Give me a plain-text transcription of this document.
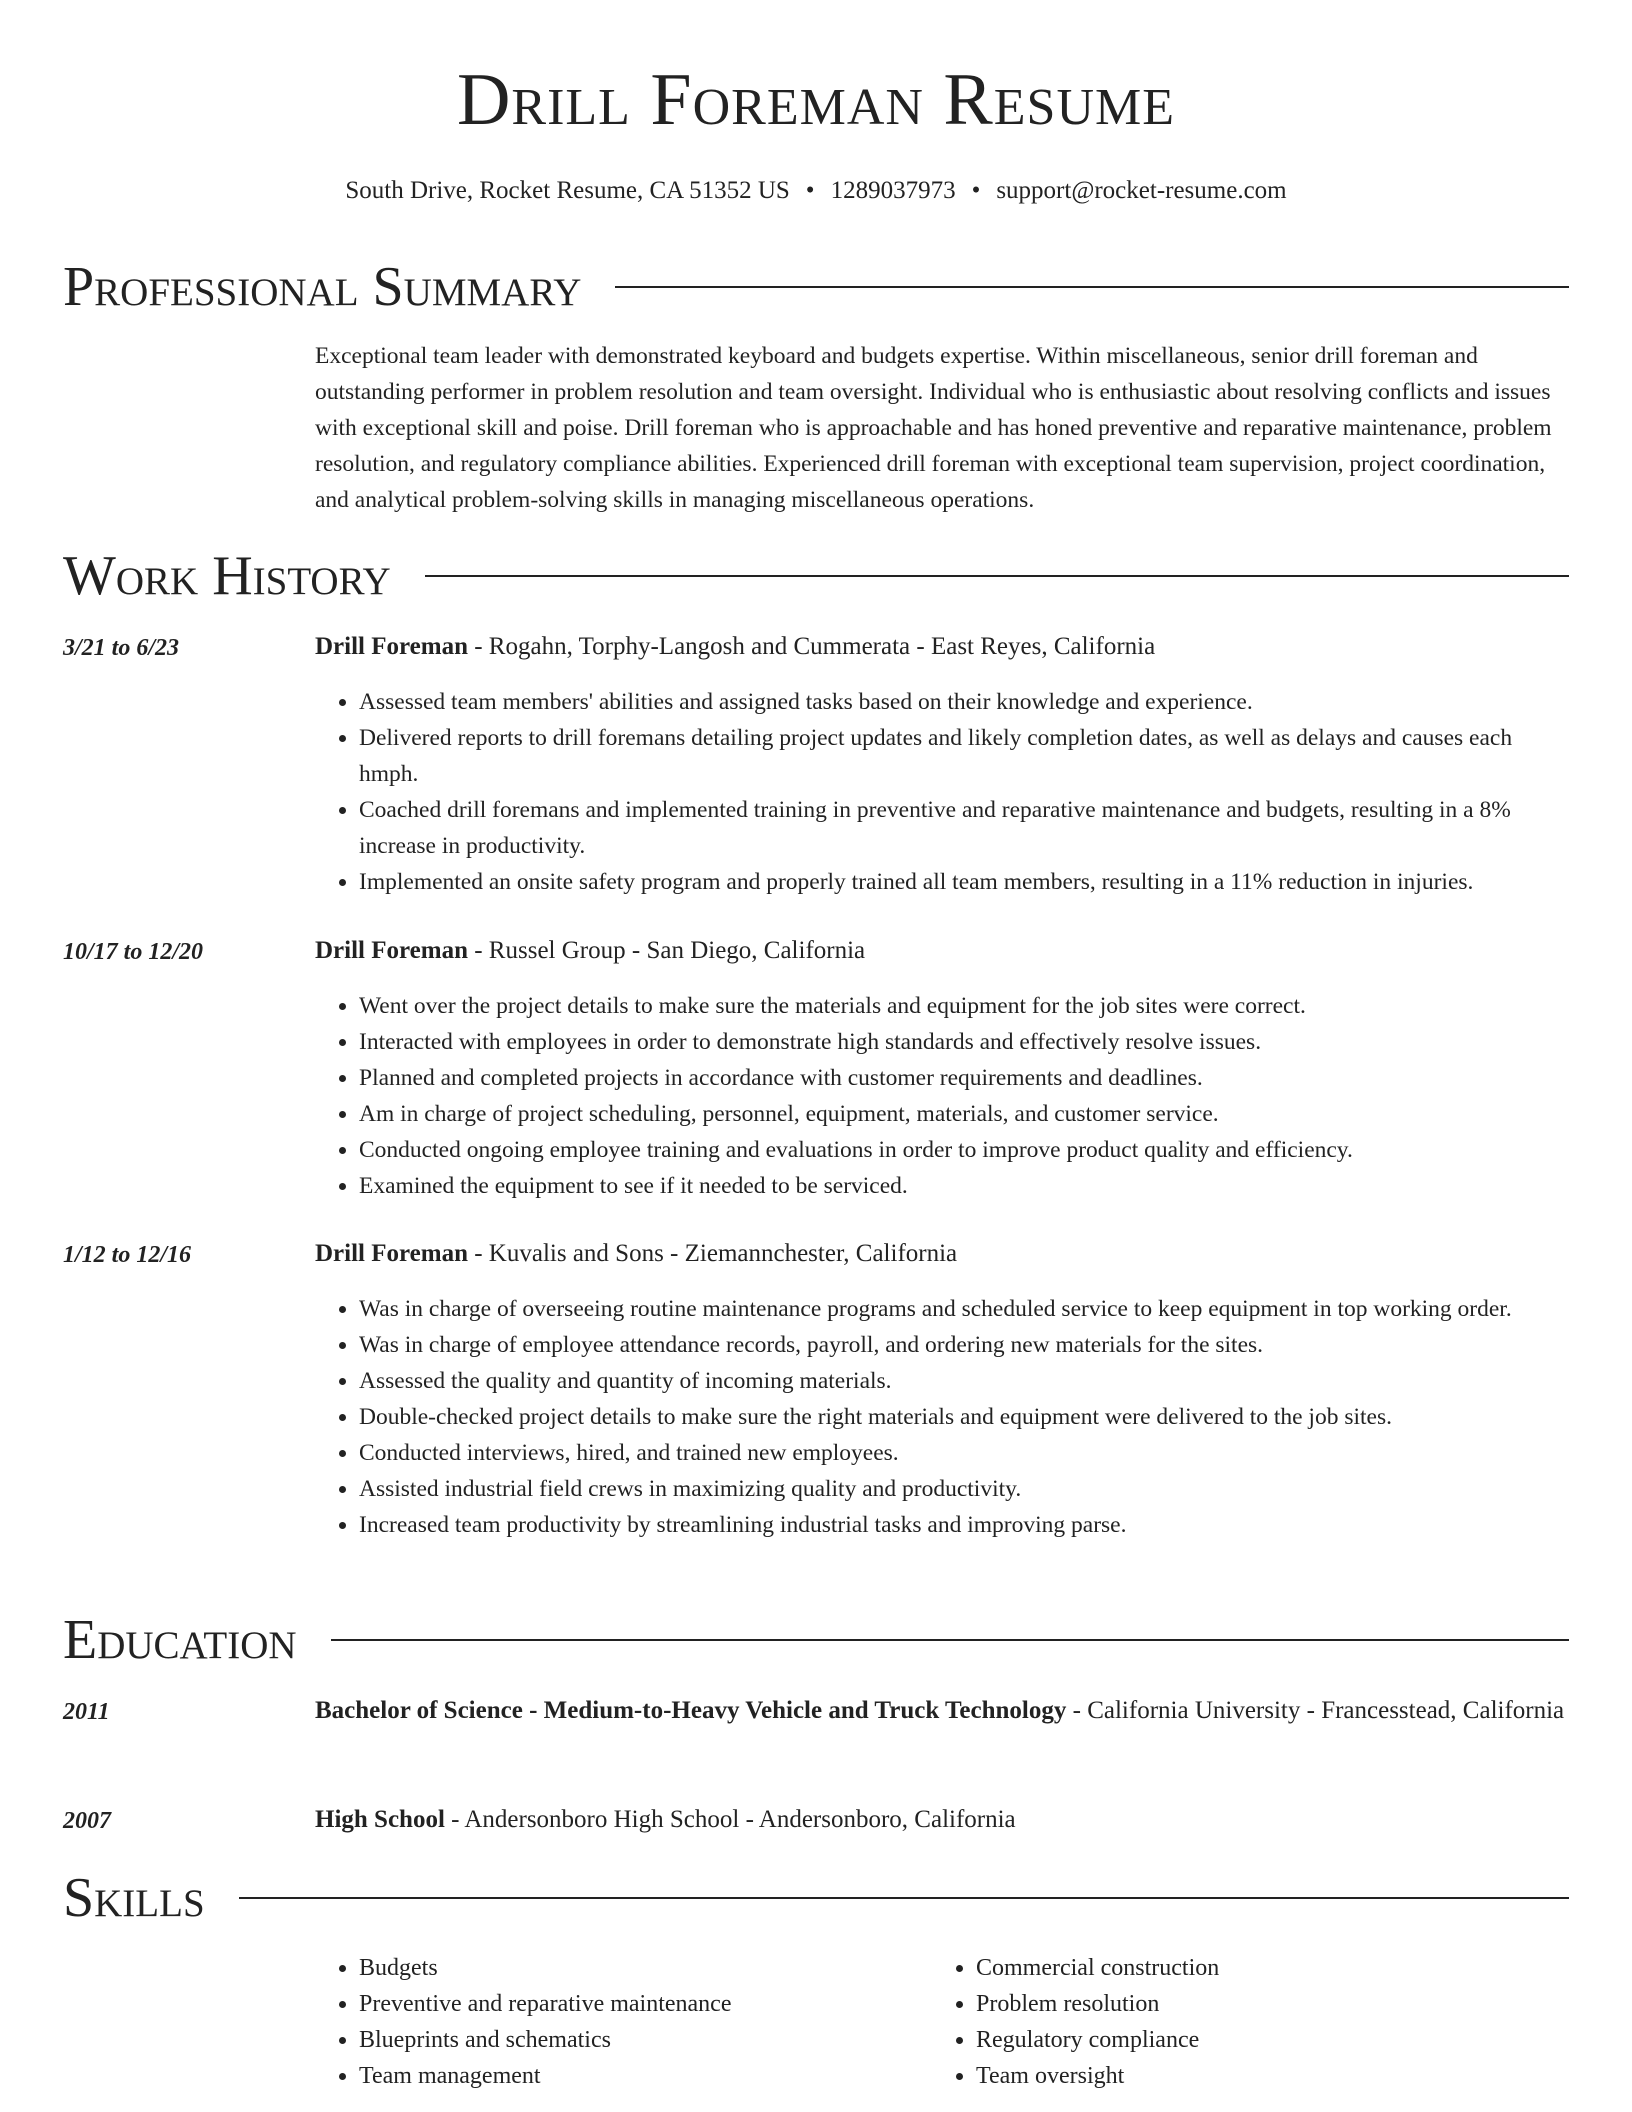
Drill Foreman Resume
South Drive, Rocket Resume, CA 51352 US • 1289037973 • support@rocket-resume.com
Professional Summary
Exceptional team leader with demonstrated keyboard and budgets expertise. Within miscellaneous, senior drill foreman and outstanding performer in problem resolution and team oversight. Individual who is enthusiastic about resolving conflicts and issues with exceptional skill and poise. Drill foreman who is approachable and has honed preventive and reparative maintenance, problem resolution, and regulatory compliance abilities. Experienced drill foreman with exceptional team supervision, project coordination, and analytical problem-solving skills in managing miscellaneous operations.
Work History
3/21 to 6/23	Drill Foreman - Rogahn, Torphy-Langosh and Cummerata - East Reyes, California
• Assessed team members' abilities and assigned tasks based on their knowledge and experience.
• Delivered reports to drill foremans detailing project updates and likely completion dates, as well as delays and causes each hmph.
• Coached drill foremans and implemented training in preventive and reparative maintenance and budgets, resulting in a 8% increase in productivity.
• Implemented an onsite safety program and properly trained all team members, resulting in a 11% reduction in injuries.
10/17 to 12/20	Drill Foreman - Russel Group - San Diego, California
• Went over the project details to make sure the materials and equipment for the job sites were correct.
• Interacted with employees in order to demonstrate high standards and effectively resolve issues.
• Planned and completed projects in accordance with customer requirements and deadlines.
• Am in charge of project scheduling, personnel, equipment, materials, and customer service.
• Conducted ongoing employee training and evaluations in order to improve product quality and efficiency.
• Examined the equipment to see if it needed to be serviced.
1/12 to 12/16	Drill Foreman - Kuvalis and Sons - Ziemannchester, California
• Was in charge of overseeing routine maintenance programs and scheduled service to keep equipment in top working order.
• Was in charge of employee attendance records, payroll, and ordering new materials for the sites.
• Assessed the quality and quantity of incoming materials.
• Double-checked project details to make sure the right materials and equipment were delivered to the job sites.
• Conducted interviews, hired, and trained new employees.
• Assisted industrial field crews in maximizing quality and productivity.
• Increased team productivity by streamlining industrial tasks and improving parse.
Education
2011	Bachelor of Science - Medium-to-Heavy Vehicle and Truck Technology - California University - Francesstead, California
2007	High School - Andersonboro High School - Andersonboro, California
Skills
• Budgets
• Preventive and reparative maintenance
• Blueprints and schematics
• Team management
• Commercial construction
• Problem resolution
• Regulatory compliance
• Team oversight
